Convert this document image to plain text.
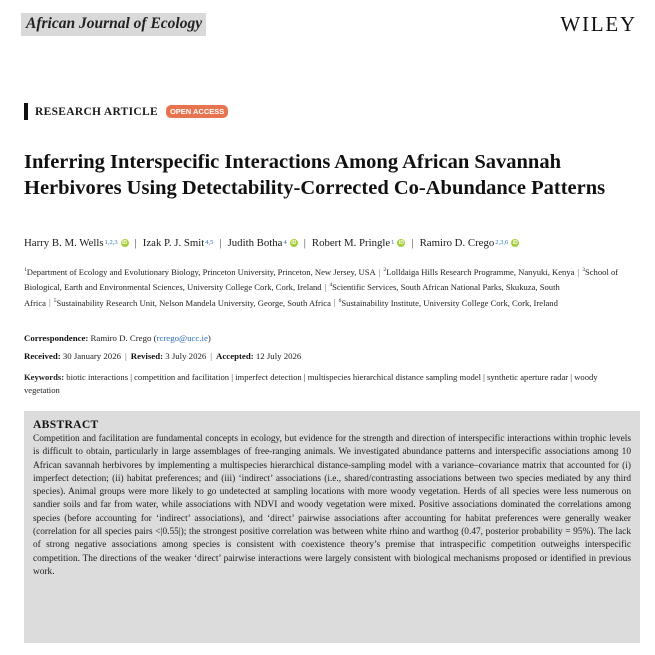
African Journal of Ecology	WILEY
RESEARCH ARTICLE	OPEN ACCESS
Inferring Interspecific Interactions Among African Savannah Herbivores Using Detectability-Corrected Co-Abundance Patterns
Harry B. M. Wells$^{1,2,3}$ iD | Izak P. J. Smit$^{4,5}$ | Judith Botha$^4$ iD | Robert M. Pringle$^1$ iD | Ramiro D. Crego$^{2,3,6}$ iD
$^1$Department of Ecology and Evolutionary Biology, Princeton University, Princeton, New Jersey, USA | $^2$Lolldaiga Hills Research Programme, Nanyuki, Kenya | $^3$School of Biological, Earth and Environmental Sciences, University College Cork, Cork, Ireland | $^4$Scientific Services, South African National Parks, Skukuza, South Africa | $^5$Sustainability Research Unit, Nelson Mandela University, George, South Africa | $^6$Sustainability Institute, University College Cork, Cork, Ireland
Correspondence: Ramiro D. Crego (rcrego@ucc.ie)
Received: 30 January 2026 | Revised: 3 July 2026 | Accepted: 12 July 2026
Keywords: biotic interactions | competition and facilitation | imperfect detection | multispecies hierarchical distance sampling model | synthetic aperture radar | woody vegetation
ABSTRACT

Competition and facilitation are fundamental concepts in ecology, but evidence for the strength and direction of interspecific interactions within trophic levels is difficult to obtain, particularly in large assemblages of free-ranging animals. We investigated abundance patterns and interspecific associations among 10 African savannah herbivores by implementing a multispecies hierarchical distance-sampling model with a variance–covariance matrix that accounted for (i) imperfect detection; (ii) habitat preferences; and (iii) ‘indirect’ associations (i.e., shared/contrasting associations between two species mediated by any third species). Animal groups were more likely to go undetected at sampling locations with more woody vegetation. Herds of all species were less numerous on sandier soils and far from water, while associations with NDVI and woody vegetation were mixed. Positive associations dominated the correlations among species (before accounting for ‘indirect’ associations), and ‘direct’ pairwise associations after accounting for habitat preferences were generally weaker (correlation for all species pairs <|0.55|); the strongest positive correlation was between white rhino and warthog (0.47, posterior probability = 95%). The lack of strong negative associations among species is consistent with coexistence theory’s premise that intraspecific competition outweighs interspecific competition. The directions of the weaker ‘direct’ pairwise interactions were largely consistent with biological mechanisms proposed or identified in previous work.
